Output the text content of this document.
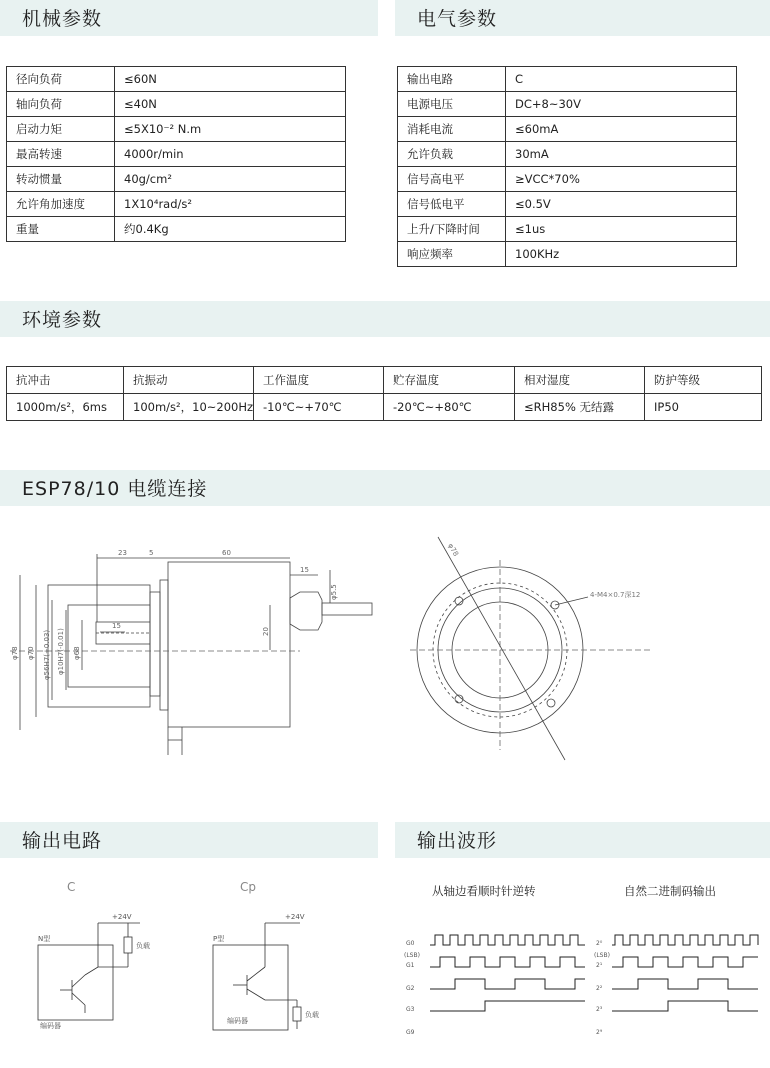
机械参数	电气参数
环境参数
ESP78/10 电缆连接
输出电路	输出波形
径向负荷	≤60N
轴向负荷	≤40N
启动力矩	≤5X10⁻² N.m
最高转速	4000r/min
转动惯量	40g/cm²
允许角加速度	1X10⁴rad/s²
重量	约0.4Kg
输出电路	C
电源电压	DC+8~30V
消耗电流	≤60mA
允许负载	30mA
信号高电平	≥VCC*70%
信号低电平	≤0.5V
上升/下降时间	≤1us
响应频率	100KHz
抗冲击	抗振动	工作温度	贮存温度	相对湿度	防护等级
1000m/s²，6ms	100m/s²，10~200Hz	-10℃~+70℃	-20℃~+80℃	≤RH85% 无结露	IP50
23	5	60
15
φ5.5
15
20
φ78 φ70 φ56H7(+0.03) φ10H7(-0.01) φ68
φ78
4-M4×0.7深12
C
+24V
N型
负载
编码器
Cp
+24V
P型
负载
编码器
从轴边看顺时针逆转	自然二进制码输出
G0
(LSB)
G1
G2
G3
G9
2⁰
(LSB)
2¹
2²
2³
2⁹
